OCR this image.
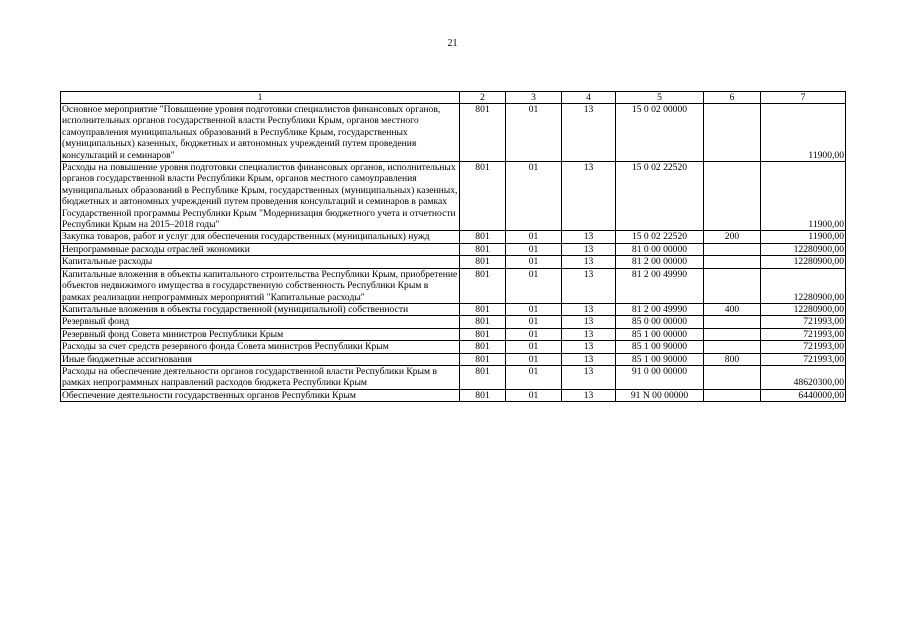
21
1	2	3	4	5	6	7
Основное мероприятие "Повышение уровня подготовки специалистов финансовых органов, исполнительных органов государственной власти Республики Крым, органов местного самоуправления муниципальных образований в Республике Крым, государственных (муниципальных) казенных, бюджетных и автономных учреждений путем проведения консультаций и семинаров"	801	01	13	15 0 02 00000		11900,00
Расходы на повышение уровня подготовки специалистов финансовых органов, исполнительных органов государственной власти Республики Крым, органов местного самоуправления муниципальных образований в Республике Крым, государственных (муниципальных) казенных, бюджетных и автономных учреждений путем проведения консультаций и семинаров в рамках Государственной программы Республики Крым "Модернизация бюджетного учета и отчетности Республики Крым на 2015–2018 годы"	801	01	13	15 0 02 22520		11900,00
Закупка товаров, работ и услуг для обеспечения государственных (муниципальных) нужд	801	01	13	15 0 02 22520	200	11900,00
Непрограммные расходы отраслей экономики	801	01	13	81 0 00 00000		12280900,00
Капитальные расходы	801	01	13	81 2 00 00000		12280900,00
Капитальные вложения в объекты капитального строительства Республики Крым, приобретение объектов недвижимого имущества в государственную собственность Республики Крым в рамках реализации непрограммных мероприятий "Капитальные расходы"	801	01	13	81 2 00 49990		12280900,00
Капитальные вложения в объекты государственной (муниципальной) собственности	801	01	13	81 2 00 49990	400	12280900,00
Резервный фонд	801	01	13	85 0 00 00000		721993,00
Резервный фонд Совета министров Республики Крым	801	01	13	85 1 00 00000		721993,00
Расходы за счет средств резервного фонда Совета министров Республики Крым	801	01	13	85 1 00 90000		721993,00
Иные бюджетные ассигнования	801	01	13	85 1 00 90000	800	721993,00
Расходы на обеспечение деятельности органов государственной власти Республики Крым в рамках непрограммных направлений расходов бюджета Республики Крым	801	01	13	91 0 00 00000		48620300,00
Обеспечение деятельности государственных органов Республики Крым	801	01	13	91 N 00 00000		6440000,00
